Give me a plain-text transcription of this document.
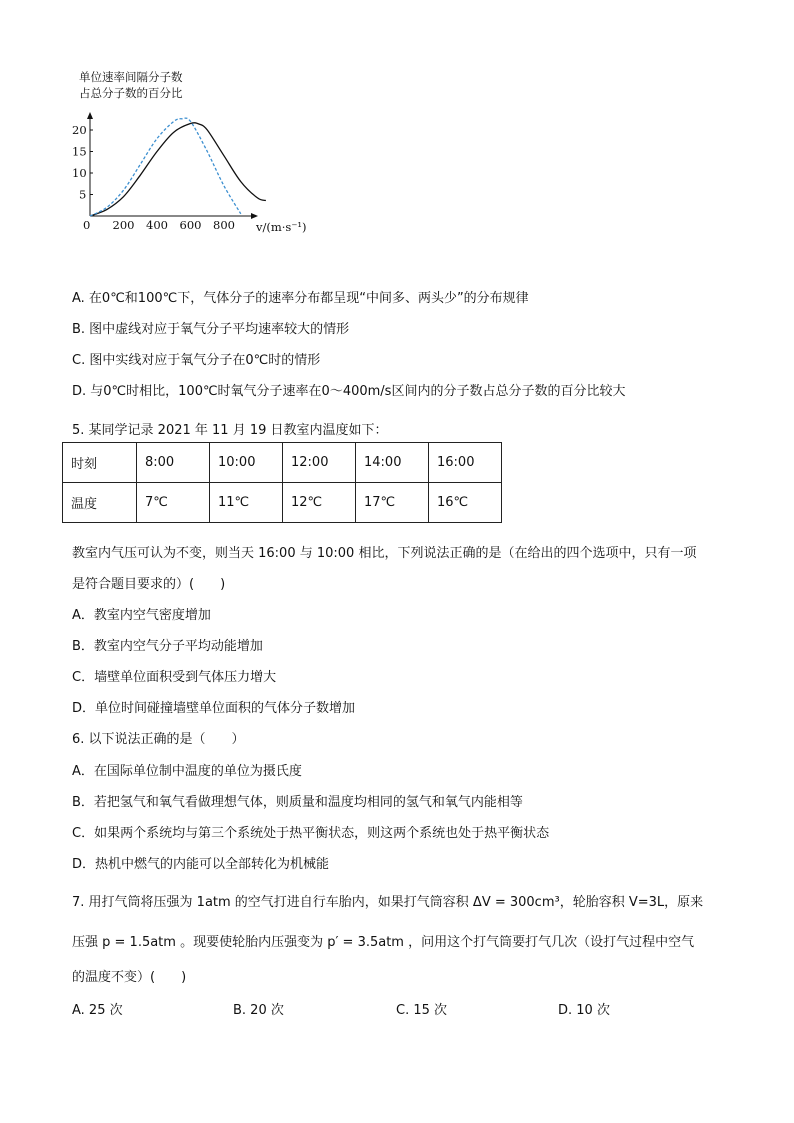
单位速率间隔分子数
占总分子数的百分比
0	v/(m·s⁻¹)
200 400 600 800
5
10
15
20
A. 在0℃和100℃下，气体分子的速率分布都呈现“中间多、两头少”的分布规律
B. 图中虚线对应于氧气分子平均速率较大的情形
C. 图中实线对应于氧气分子在0℃时的情形
D. 与0℃时相比，100℃时氧气分子速率在0～400m/s区间内的分子数占总分子数的百分比较大
5. 某同学记录 2021 年 11 月 19 日教室内温度如下：
时刻	8:00	10:00	12:00	14:00	16:00
温度	7℃	11℃	12℃	17℃	16℃
教室内气压可认为不变，则当天 16:00 与 10:00 相比，下列说法正确的是（在给出的四个选项中，只有一项
是符合题目要求的）(　　)
A．教室内空气密度增加
B．教室内空气分子平均动能增加
C．墙壁单位面积受到气体压力增大
D．单位时间碰撞墙壁单位面积的气体分子数增加
6. 以下说法正确的是（　　）
A．在国际单位制中温度的单位为摄氏度
B．若把氢气和氧气看做理想气体，则质量和温度均相同的氢气和氧气内能相等
C．如果两个系统均与第三个系统处于热平衡状态，则这两个系统也处于热平衡状态
D．热机中燃气的内能可以全部转化为机械能
7. 用打气筒将压强为 1atm 的空气打进自行车胎内，如果打气筒容积 ΔV = 300cm³，轮胎容积 V=3L，原来
压强 p = 1.5atm 。现要使轮胎内压强变为 p′ = 3.5atm ，问用这个打气筒要打气几次（设打气过程中空气
的温度不变）(　　)
A. 25 次	B. 20 次	C. 15 次	D. 10 次
